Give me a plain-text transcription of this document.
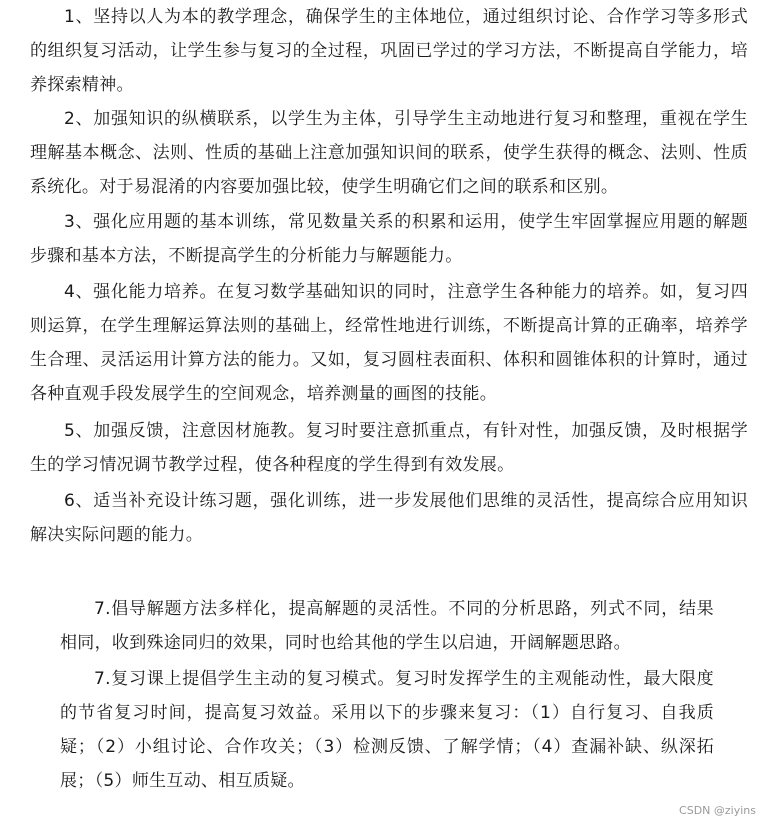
1、坚持以人为本的教学理念，确保学生的主体地位，通过组织讨论、合作学习等多形式的组织复习活动，让学生参与复习的全过程，巩固已学过的学习方法，不断提高自学能力，培养探索精神。

2、加强知识的纵横联系，以学生为主体，引导学生主动地进行复习和整理，重视在学生理解基本概念、法则、性质的基础上注意加强知识间的联系，使学生获得的概念、法则、性质系统化。对于易混淆的内容要加强比较，使学生明确它们之间的联系和区别。

3、强化应用题的基本训练，常见数量关系的积累和运用，使学生牢固掌握应用题的解题步骤和基本方法，不断提高学生的分析能力与解题能力。

4、强化能力培养。在复习数学基础知识的同时，注意学生各种能力的培养。如，复习四则运算，在学生理解运算法则的基础上，经常性地进行训练，不断提高计算的正确率，培养学生合理、灵活运用计算方法的能力。又如，复习圆柱表面积、体积和圆锥体积的计算时，通过各种直观手段发展学生的空间观念，培养测量的画图的技能。

5、加强反馈，注意因材施教。复习时要注意抓重点，有针对性，加强反馈，及时根据学生的学习情况调节教学过程，使各种程度的学生得到有效发展。

6、适当补充设计练习题，强化训练，进一步发展他们思维的灵活性，提高综合应用知识解决实际问题的能力。

7.倡导解题方法多样化，提高解题的灵活性。不同的分析思路，列式不同，结果相同，收到殊途同归的效果，同时也给其他的学生以启迪，开阔解题思路。

7.复习课上提倡学生主动的复习模式。复习时发挥学生的主观能动性，最大限度的节省复习时间，提高复习效益。采用以下的步骤来复习：（1）自行复习、自我质疑；（2）小组讨论、合作攻关；（3）检测反馈、了解学情；（4）查漏补缺、纵深拓展；（5）师生互动、相互质疑。

CSDN @ziyins
